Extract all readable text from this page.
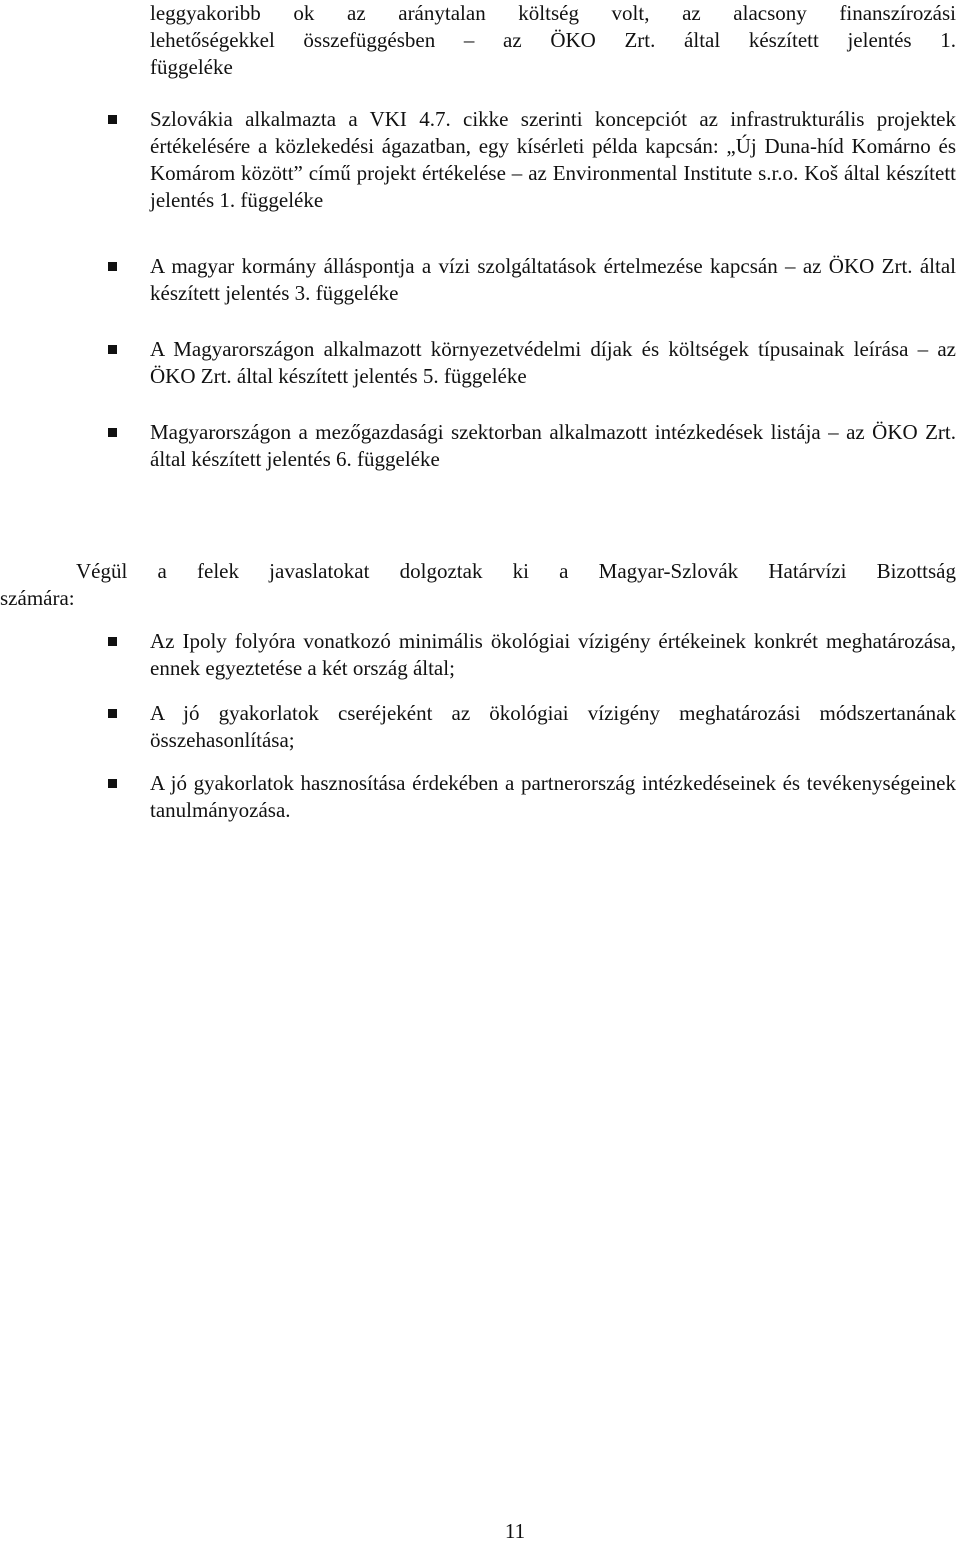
leggyakoribb ok az aránytalan költség volt, az alacsony finanszírozási
lehetőségekkel összefüggésben – az ÖKO Zrt. által készített jelentés 1.
függeléke
Szlovákia alkalmazta a VKI 4.7. cikke szerinti koncepciót az infrastrukturális projektek értékelésére a közlekedési ágazatban, egy kísérleti példa kapcsán: „Új Duna-híd Komárno és Komárom között” című projekt értékelése – az Environmental Institute s.r.o. Koš által készített jelentés 1. függeléke
A magyar kormány álláspontja a vízi szolgáltatások értelmezése kapcsán – az ÖKO Zrt. által készített jelentés 3. függeléke
A Magyarországon alkalmazott környezetvédelmi díjak és költségek típusainak leírása – az ÖKO Zrt. által készített jelentés 5. függeléke
Magyarországon a mezőgazdasági szektorban alkalmazott intézkedések listája – az ÖKO Zrt. által készített jelentés 6. függeléke
Végül a felek javaslatokat dolgoztak ki a Magyar-Szlovák Határvízi Bizottság
számára:
Az Ipoly folyóra vonatkozó minimális ökológiai vízigény értékeinek konkrét meghatározása, ennek egyeztetése a két ország által;
A jó gyakorlatok cseréjeként az ökológiai vízigény meghatározási módszertanának összehasonlítása;
A jó gyakorlatok hasznosítása érdekében a partnerország intézkedéseinek és tevékenységeinek tanulmányozása.
11
